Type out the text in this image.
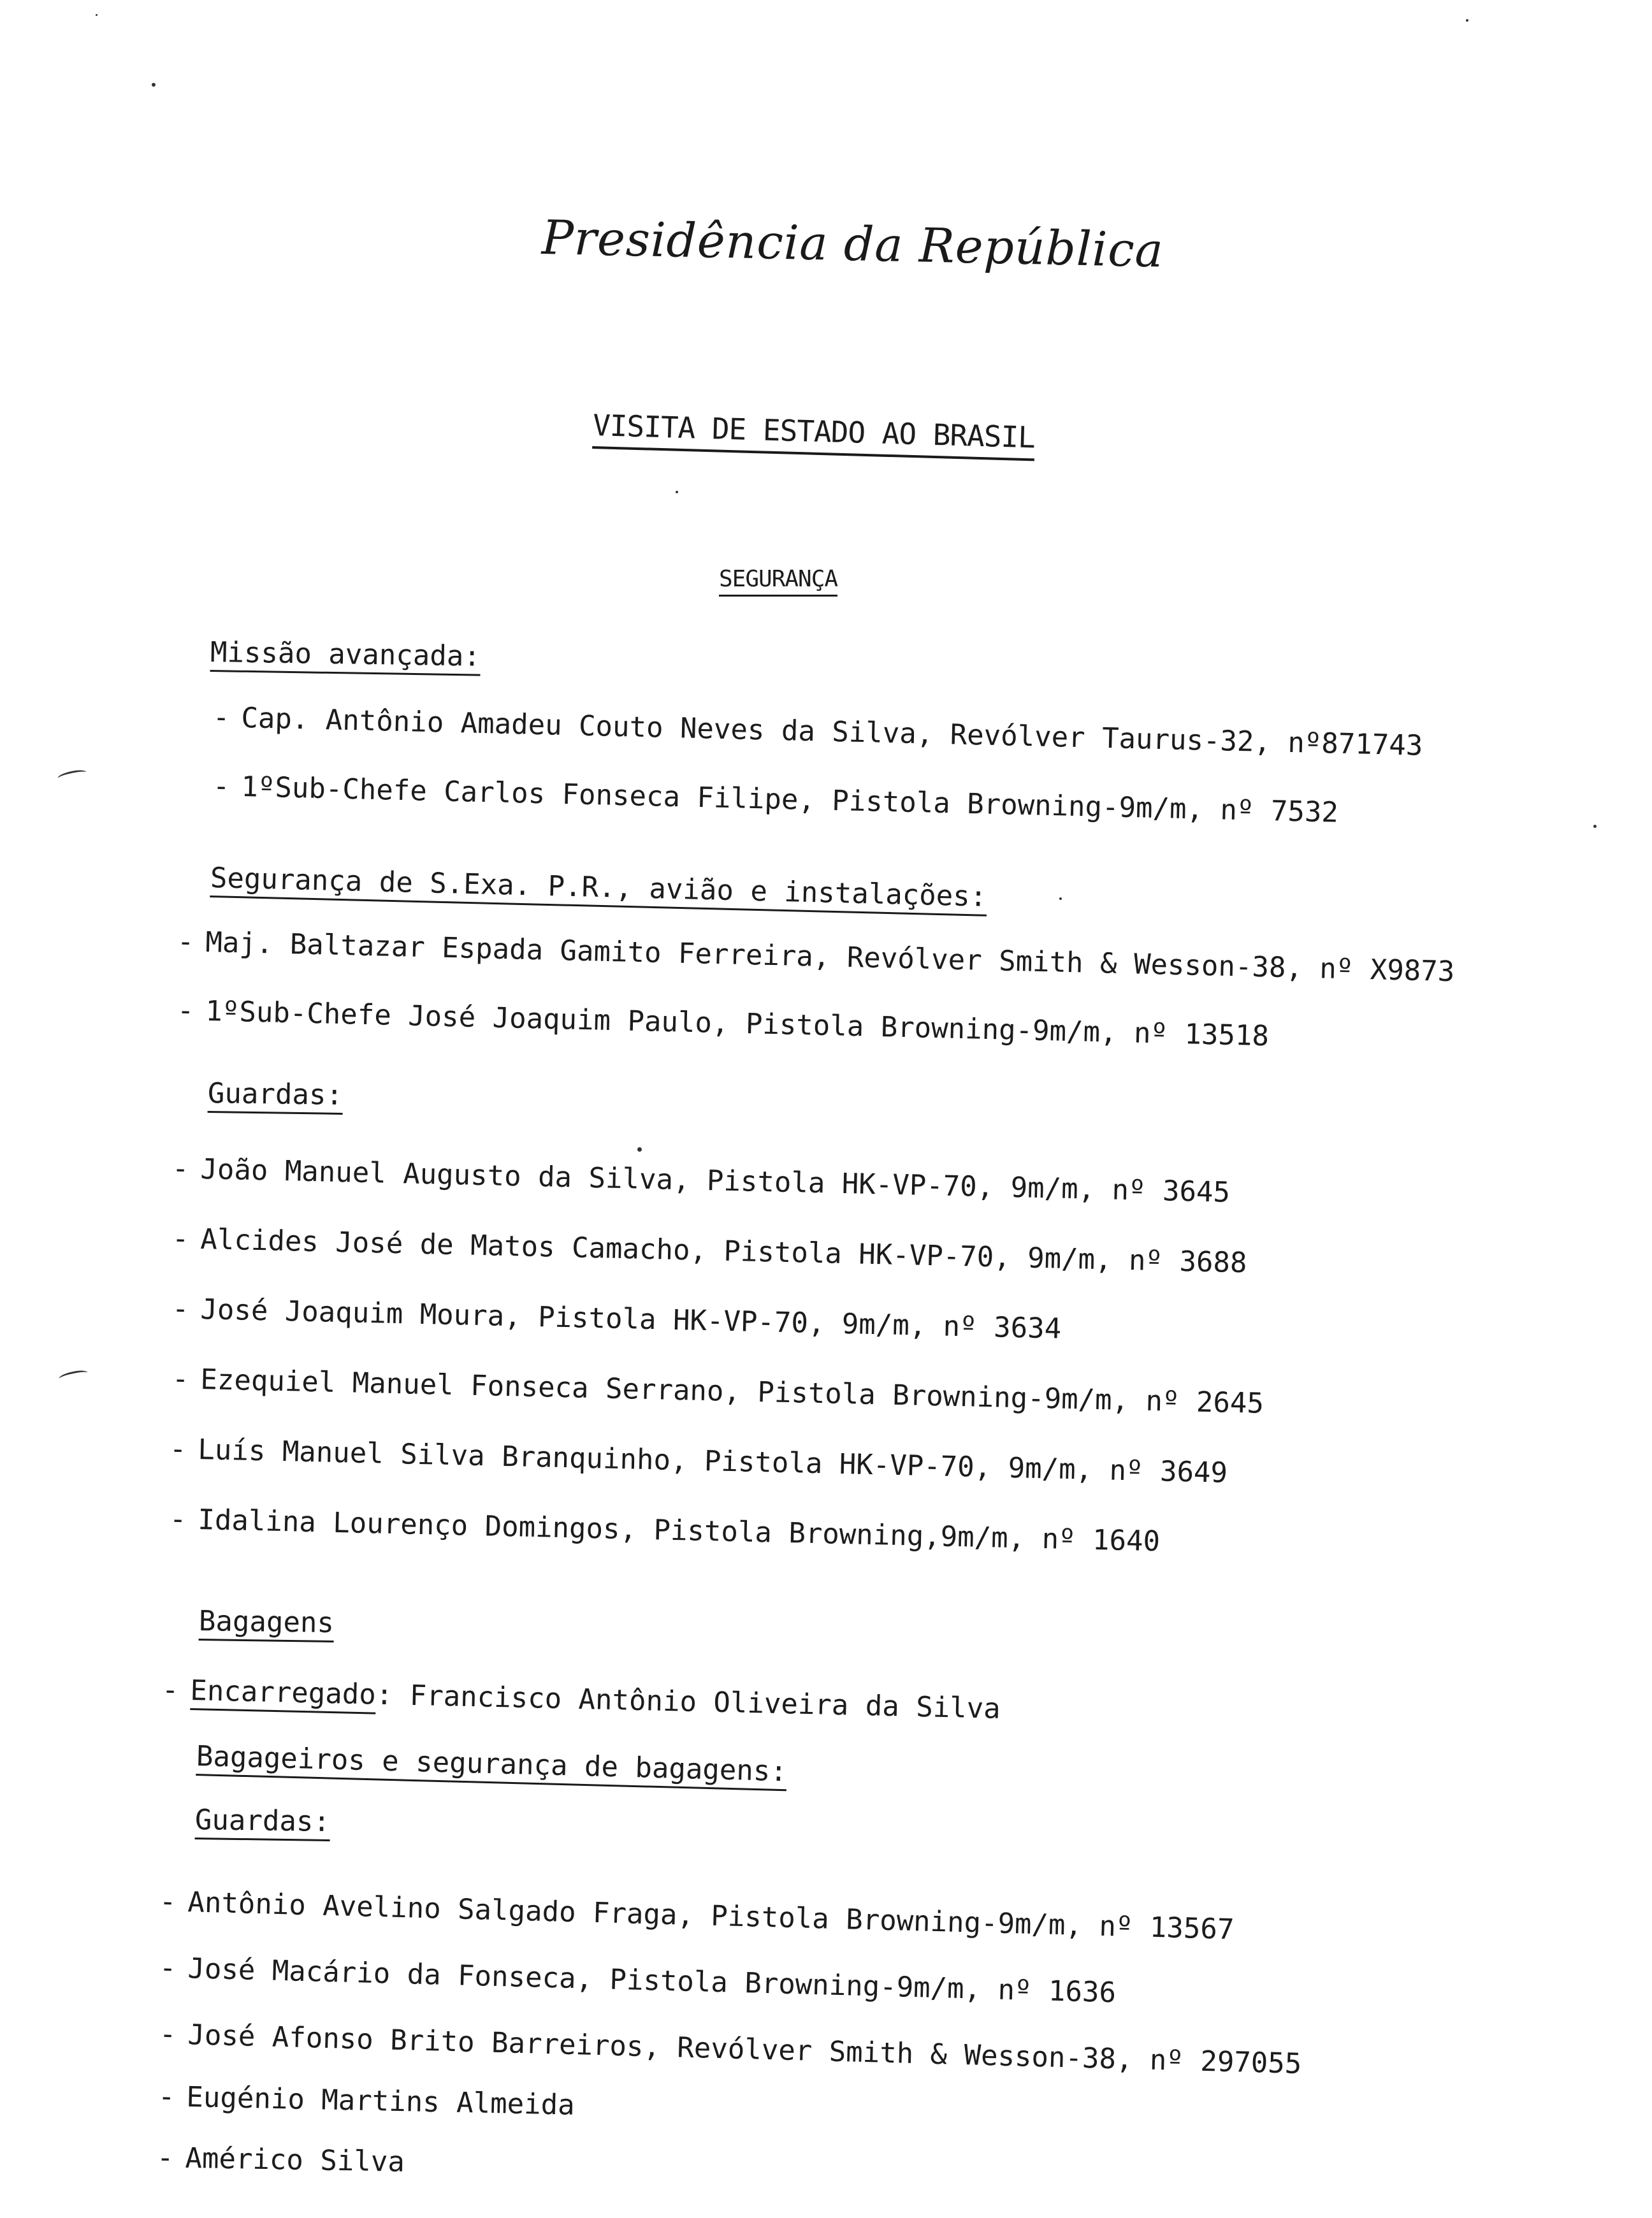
Presidência da República
VISITA DE ESTADO AO BRASIL
SEGURANÇA
Missão avançada:
- Cap. Antônio Amadeu Couto Neves da Silva, Revólver Taurus-32, nº871743
- 1ºSub-Chefe Carlos Fonseca Filipe, Pistola Browning-9m/m, nº 7532
Segurança de S.Exa. P.R., avião e instalações:
- Maj. Baltazar Espada Gamito Ferreira, Revólver Smith & Wesson-38, nº X9873
- 1ºSub-Chefe José Joaquim Paulo, Pistola Browning-9m/m, nº 13518
Guardas:
- João Manuel Augusto da Silva, Pistola HK-VP-70, 9m/m, nº 3645
- Alcides José de Matos Camacho, Pistola HK-VP-70, 9m/m, nº 3688
- José Joaquim Moura, Pistola HK-VP-70, 9m/m, nº 3634
- Ezequiel Manuel Fonseca Serrano, Pistola Browning-9m/m, nº 2645
- Luís Manuel Silva Branquinho, Pistola HK-VP-70, 9m/m, nº 3649
- Idalina Lourenço Domingos, Pistola Browning,9m/m, nº 1640
Bagagens
- Encarregado: Francisco Antônio Oliveira da Silva
Bagageiros e segurança de bagagens:
Guardas:
- Antônio Avelino Salgado Fraga, Pistola Browning-9m/m, nº 13567
- José Macário da Fonseca, Pistola Browning-9m/m, nº 1636
- José Afonso Brito Barreiros, Revólver Smith & Wesson-38, nº 297055
- Eugénio Martins Almeida
- Américo Silva
